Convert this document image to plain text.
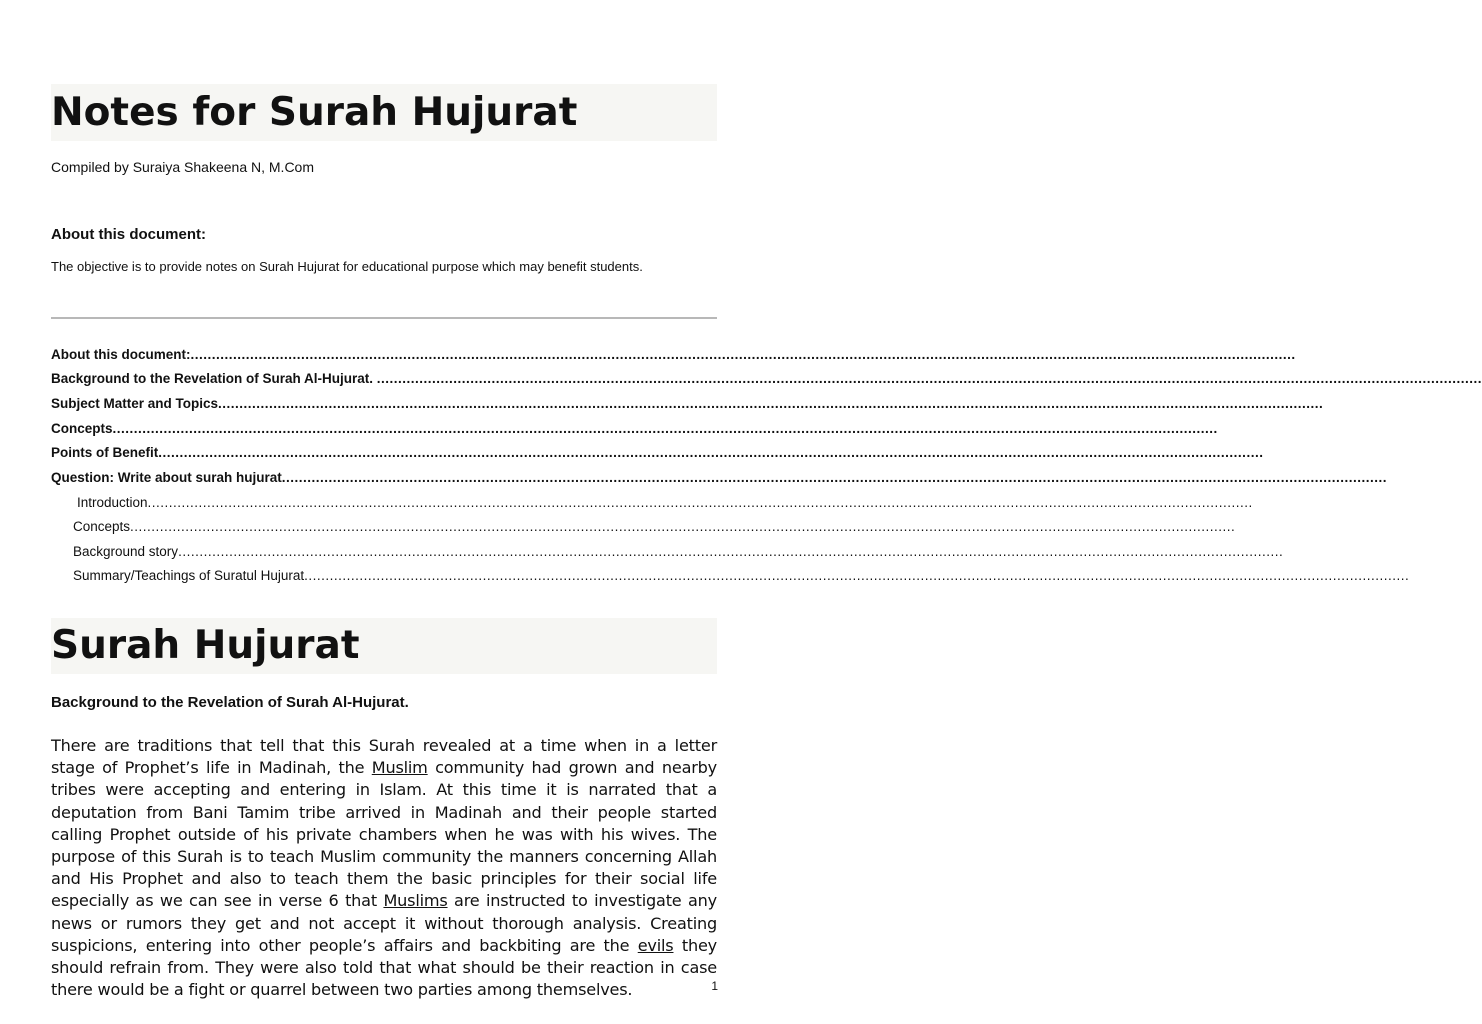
Notes for Surah Hujurat
Compiled by Suraiya Shakeena N, M.Com
About this document:
The objective is to provide notes on Surah Hujurat for educational purpose which may benefit students.
About this document:....................................................................................................................................................................................................................................................................
Background to the Revelation of Surah Al-Hujurat. ....................................................................................................................................................................................................................................................................
Subject Matter and Topics....................................................................................................................................................................................................................................................................
Concepts....................................................................................................................................................................................................................................................................
Points of Benefit....................................................................................................................................................................................................................................................................
Question: Write about surah hujurat....................................................................................................................................................................................................................................................................
Introduction....................................................................................................................................................................................................................................................................
Concepts....................................................................................................................................................................................................................................................................
Background story....................................................................................................................................................................................................................................................................
Summary/Teachings of Suratul Hujurat....................................................................................................................................................................................................................................................................
Surah Hujurat
Background to the Revelation of Surah Al-Hujurat.
There are traditions that tell that this Surah revealed at a time when in a letter stage of Prophet’s life in Madinah, the Muslim community had grown and nearby tribes were accepting and entering in Islam. At this time it is narrated that a deputation from Bani Tamim tribe arrived in Madinah and their people started calling Prophet outside of his private chambers when he was with his wives. The purpose of this Surah is to teach Muslim community the manners concerning Allah and His Prophet and also to teach them the basic principles for their social life especially as we can see in verse 6 that Muslims are instructed to investigate any news or rumors they get and not accept it without thorough analysis. Creating suspicions, entering into other people’s affairs and backbiting are the evils they should refrain from. They were also told that what should be their reaction in case there would be a fight or quarrel between two parties among themselves.	1
